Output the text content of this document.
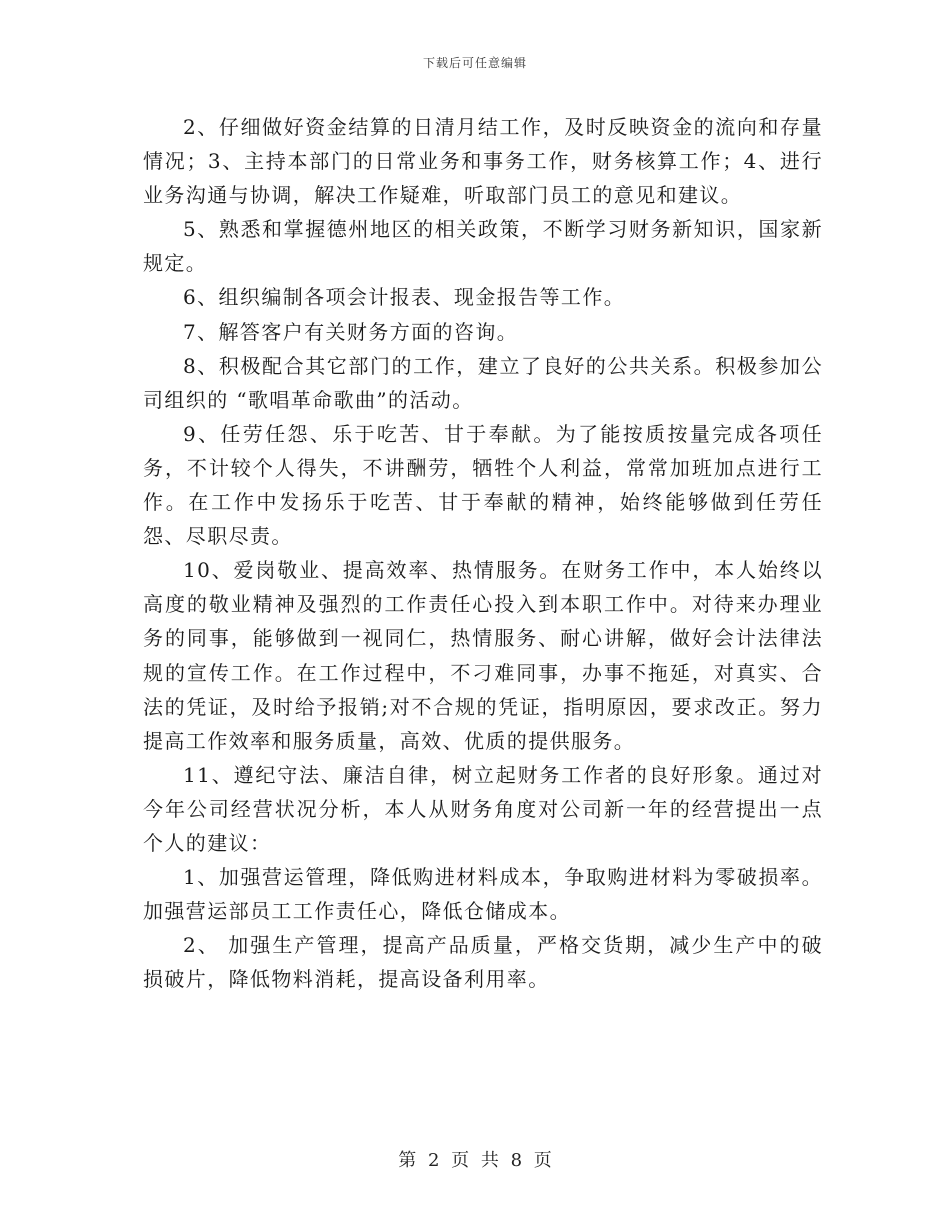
下载后可任意编辑

2、仔细做好资金结算的日清月结工作，及时反映资金的流向和存量情况；3、主持本部门的日常业务和事务工作，财务核算工作；4、进行业务沟通与协调，解决工作疑难，听取部门员工的意见和建议。

5、熟悉和掌握德州地区的相关政策，不断学习财务新知识，国家新规定。

6、组织编制各项会计报表、现金报告等工作。

7、解答客户有关财务方面的咨询。

8、积极配合其它部门的工作，建立了良好的公共关系。积极参加公司组织的 “歌唱革命歌曲”的活动。

9、任劳任怨、乐于吃苦、甘于奉献。为了能按质按量完成各项任务，不计较个人得失，不讲酬劳，牺牲个人利益，常常加班加点进行工作。在工作中发扬乐于吃苦、甘于奉献的精神，始终能够做到任劳任怨、尽职尽责。

10、爱岗敬业、提高效率、热情服务。在财务工作中，本人始终以高度的敬业精神及强烈的工作责任心投入到本职工作中。对待来办理业务的同事，能够做到一视同仁，热情服务、耐心讲解，做好会计法律法规的宣传工作。在工作过程中，不刁难同事，办事不拖延，对真实、合法的凭证，及时给予报销;对不合规的凭证，指明原因，要求改正。努力提高工作效率和服务质量，高效、优质的提供服务。

11、遵纪守法、廉洁自律，树立起财务工作者的良好形象。通过对今年公司经营状况分析，本人从财务角度对公司新一年的经营提出一点个人的建议：

1、加强营运管理，降低购进材料成本，争取购进材料为零破损率。加强营运部员工工作责任心，降低仓储成本。

2、 加强生产管理，提高产品质量，严格交货期，减少生产中的破损破片，降低物料消耗，提高设备利用率。

第 2 页 共 8 页
